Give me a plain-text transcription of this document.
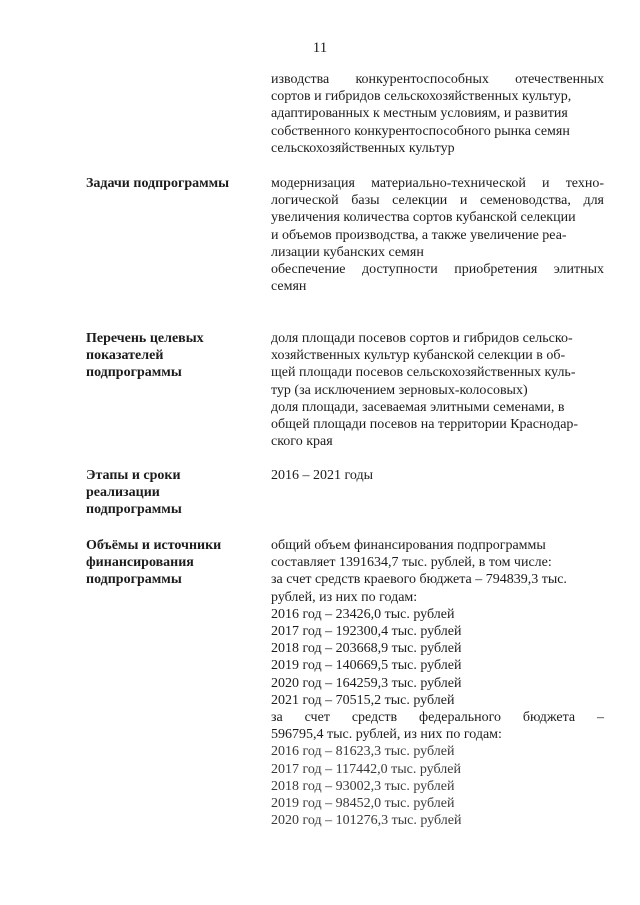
11
изводства конкурентоспособных отечественных
сортов и гибридов сельскохозяйственных культур,
адаптированных к местным условиям, и развития
собственного конкурентоспособного рынка семян
сельскохозяйственных культур
Задачи подпрограммы	модернизация материально-технической и техно-
логической базы селекции и семеноводства, для
увеличения количества сортов кубанской селекции
и объемов производства, а также увеличение реа-
лизации кубанских семян
обеспечение доступности приобретения элитных
семян
Перечень целевых
показателей
подпрограммы
доля площади посевов сортов и гибридов сельско-
хозяйственных культур кубанской селекции в об-
щей площади посевов сельскохозяйственных куль-
тур (за исключением зерновых-колосовых)
доля площади, засеваемая элитными семенами, в
общей площади посевов на территории Краснодар-
ского края
Этапы и сроки
реализации
подпрограммы
2016 – 2021 годы
Объёмы и источники
финансирования
подпрограммы
общий объем финансирования подпрограммы
составляет 1391634,7 тыс. рублей, в том числе:
за счет средств краевого бюджета – 794839,3 тыс.
рублей, из них по годам:
2016 год – 23426,0 тыс. рублей
2017 год – 192300,4 тыс. рублей
2018 год – 203668,9 тыс. рублей
2019 год – 140669,5 тыс. рублей
2020 год – 164259,3 тыс. рублей
2021 год – 70515,2 тыс. рублей
за счет средств федерального бюджета –
596795,4 тыс. рублей, из них по годам:
2016 год – 81623,3 тыс. рублей
2017 год – 117442,0 тыс. рублей
2018 год – 93002,3 тыс. рублей
2019 год – 98452,0 тыс. рублей
2020 год – 101276,3 тыс. рублей
